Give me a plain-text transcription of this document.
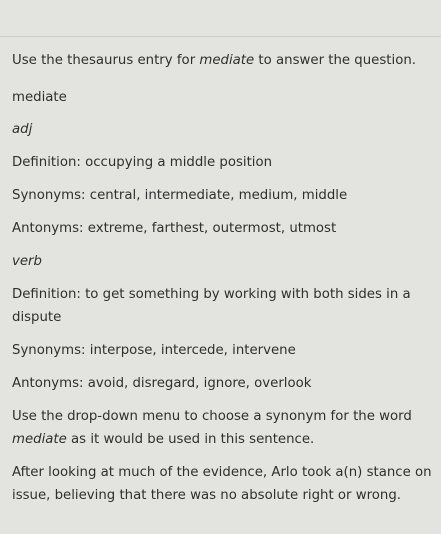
Use the thesaurus entry for mediate to answer the question.

mediate

adj

Definition: occupying a middle position

Synonyms: central, intermediate, medium, middle

Antonyms: extreme, farthest, outermost, utmost

verb

Definition: to get something by working with both sides in a

dispute

Synonyms: interpose, intercede, intervene

Antonyms: avoid, disregard, ignore, overlook

Use the drop-down menu to choose a synonym for the word

mediate as it would be used in this sentence.

After looking at much of the evidence, Arlo took a(n) stance on

issue, believing that there was no absolute right or wrong.
